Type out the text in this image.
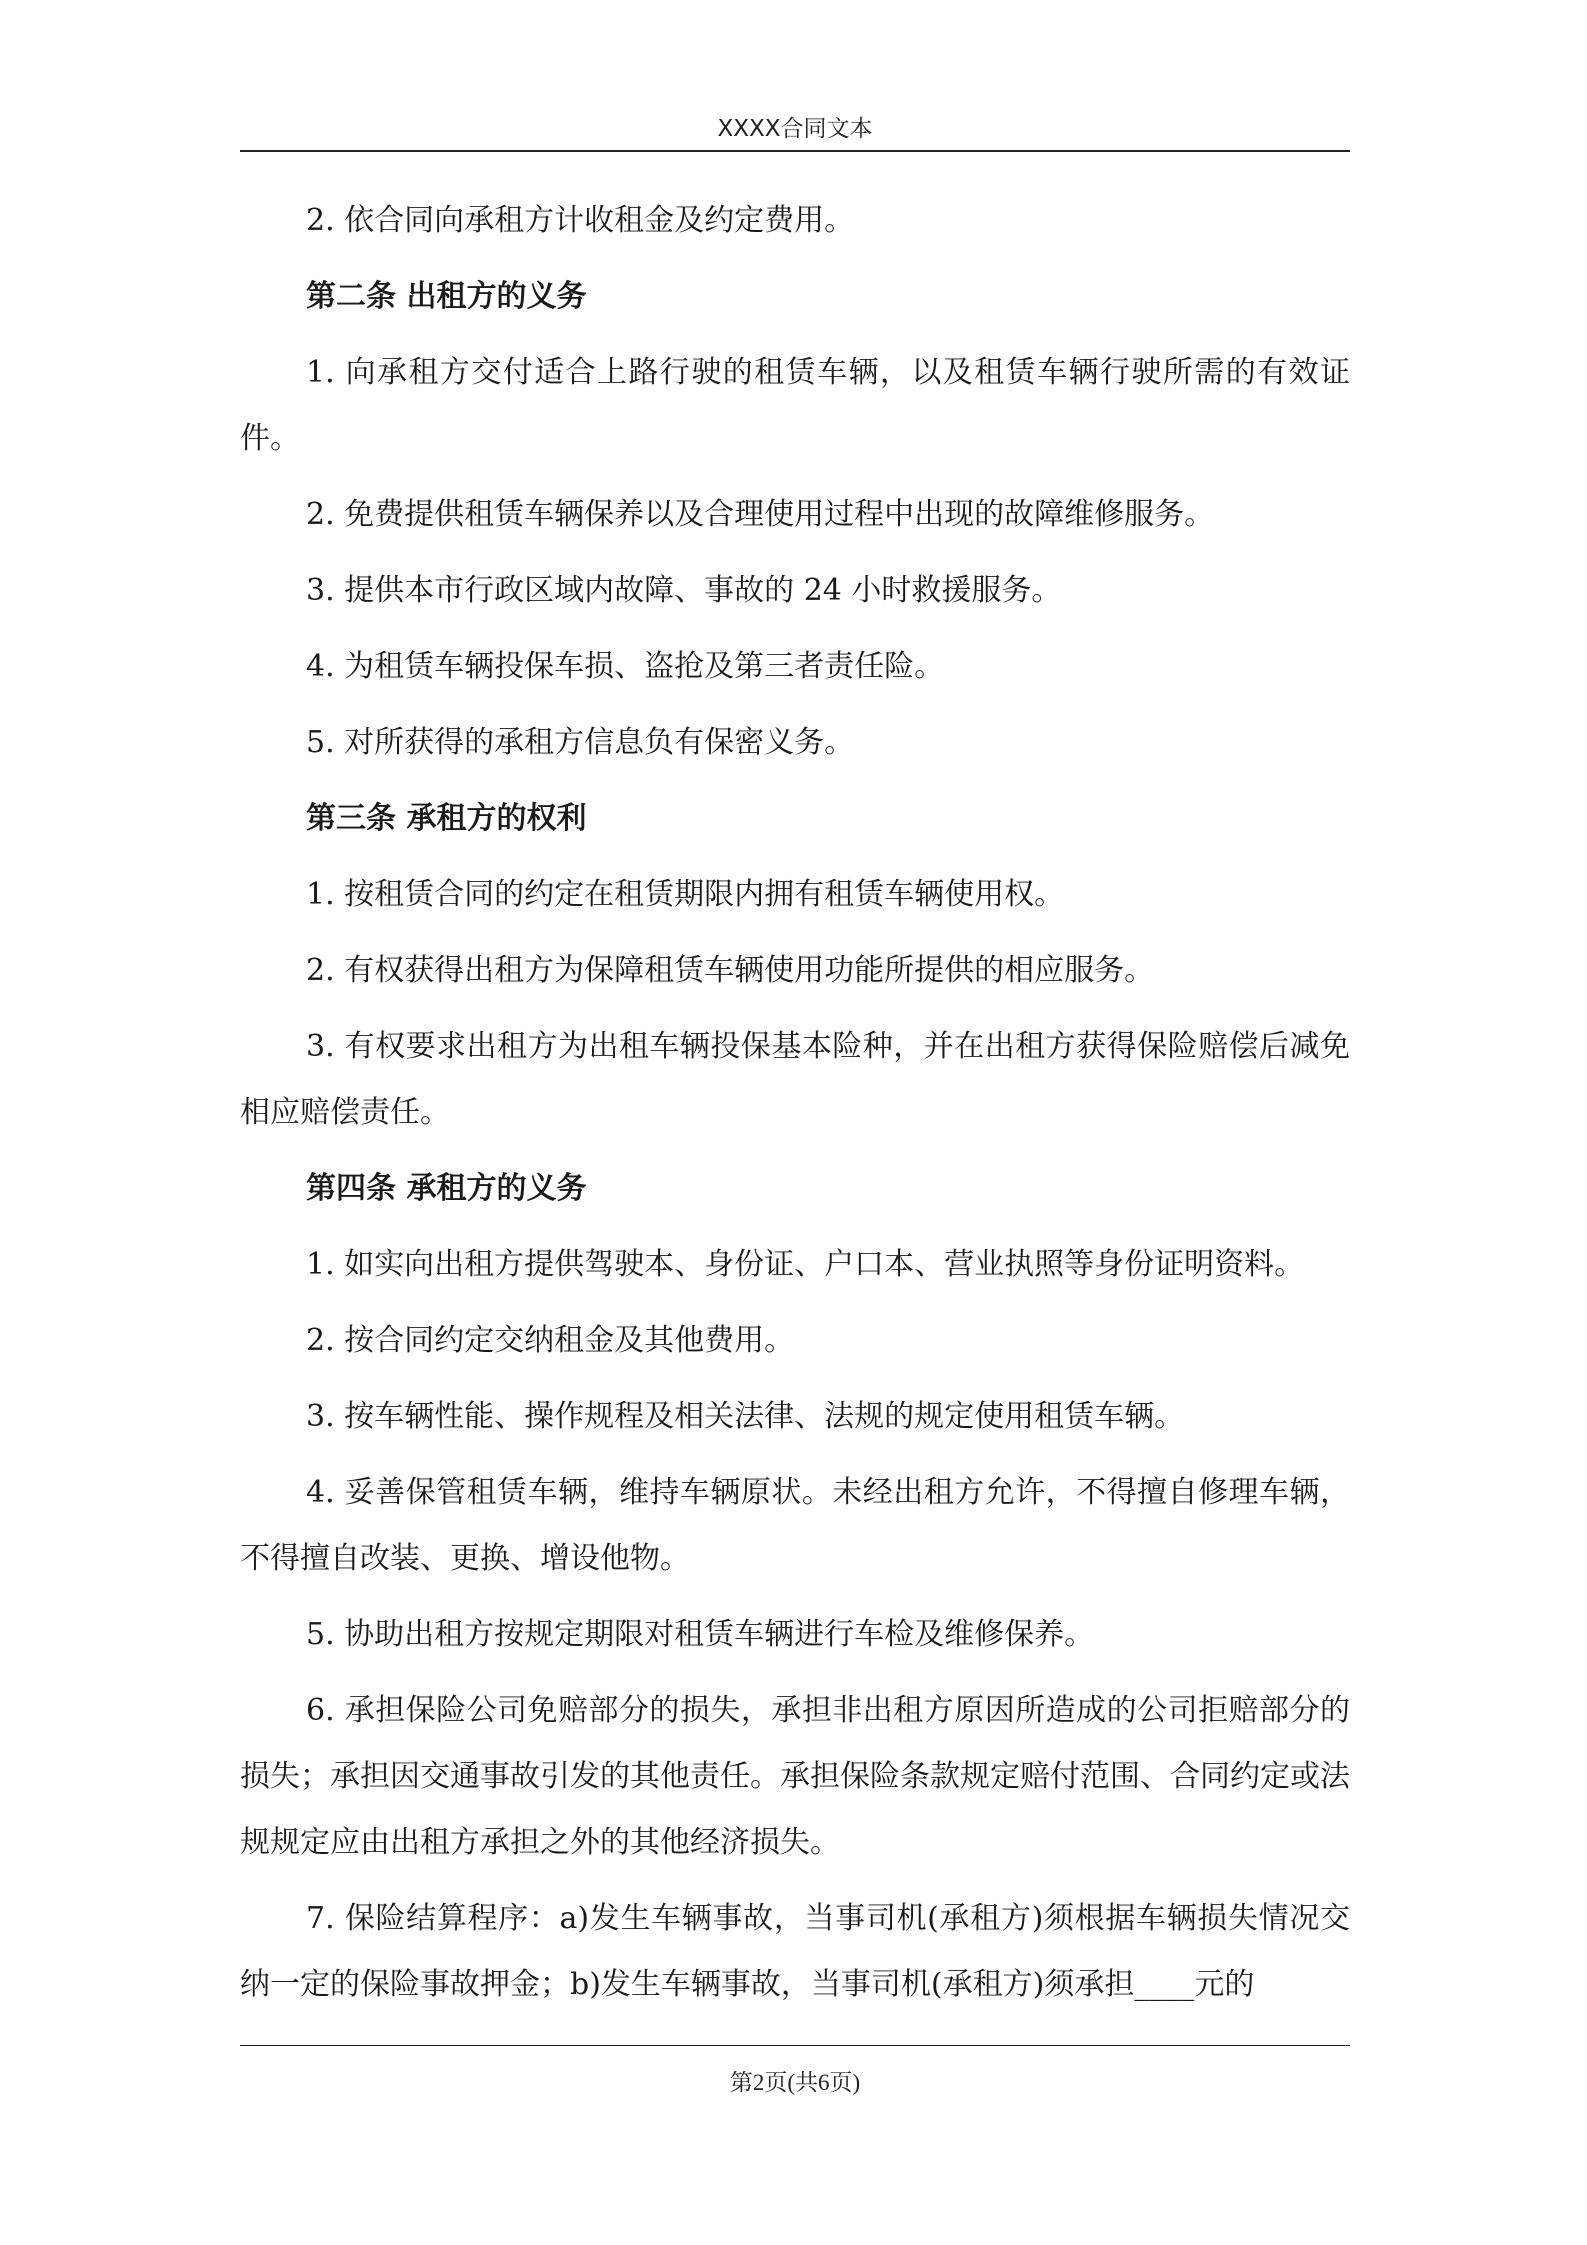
XXXX合同文本

2. 依合同向承租方计收租金及约定费用。

第二条 出租方的义务

1. 向承租方交付适合上路行驶的租赁车辆，以及租赁车辆行驶所需的有效证件。

2. 免费提供租赁车辆保养以及合理使用过程中出现的故障维修服务。

3. 提供本市行政区域内故障、事故的 24 小时救援服务。

4. 为租赁车辆投保车损、盗抢及第三者责任险。

5. 对所获得的承租方信息负有保密义务。

第三条 承租方的权利

1. 按租赁合同的约定在租赁期限内拥有租赁车辆使用权。

2. 有权获得出租方为保障租赁车辆使用功能所提供的相应服务。

3. 有权要求出租方为出租车辆投保基本险种，并在出租方获得保险赔偿后减免相应赔偿责任。

第四条 承租方的义务

1. 如实向出租方提供驾驶本、身份证、户口本、营业执照等身份证明资料。

2. 按合同约定交纳租金及其他费用。

3. 按车辆性能、操作规程及相关法律、法规的规定使用租赁车辆。

4. 妥善保管租赁车辆，维持车辆原状。未经出租方允许，不得擅自修理车辆，不得擅自改装、更换、增设他物。

5. 协助出租方按规定期限对租赁车辆进行车检及维修保养。

6. 承担保险公司免赔部分的损失，承担非出租方原因所造成的公司拒赔部分的损失；承担因交通事故引发的其他责任。承担保险条款规定赔付范围、合同约定或法规规定应由出租方承担之外的其他经济损失。

7. 保险结算程序：a)发生车辆事故，当事司机(承租方)须根据车辆损失情况交纳一定的保险事故押金；b)发生车辆事故，当事司机(承租方)须承担____元的

第2页(共6页)
